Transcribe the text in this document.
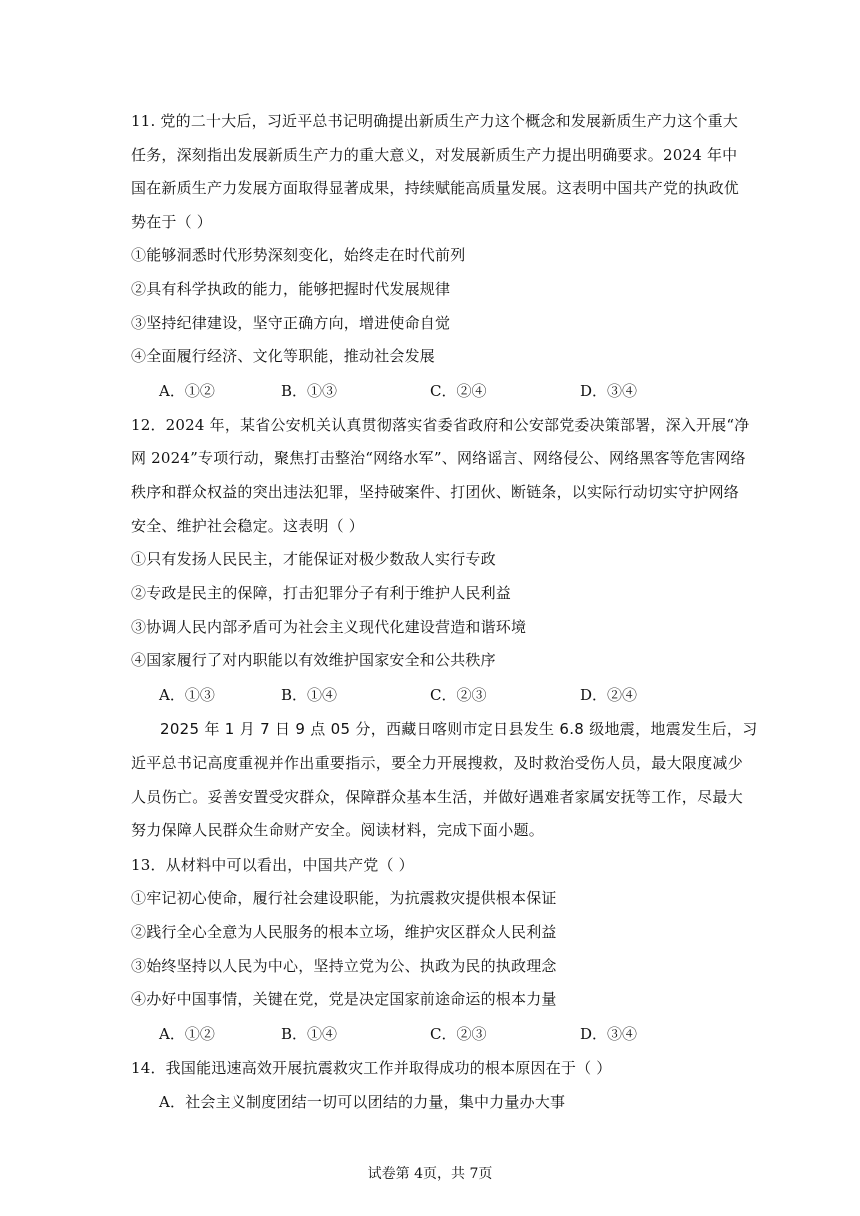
11. 党的二十大后，习近平总书记明确提出新质生产力这个概念和发展新质生产力这个重大
任务，深刻指出发展新质生产力的重大意义，对发展新质生产力提出明确要求。2024 年中
国在新质生产力发展方面取得显著成果，持续赋能高质量发展。这表明中国共产党的执政优
势在于（ ）
①能够洞悉时代形势深刻变化，始终走在时代前列
②具有科学执政的能力，能够把握时代发展规律
③坚持纪律建设，坚守正确方向，增进使命自觉
④全面履行经济、文化等职能，推动社会发展
A．①②	B．①③	C．②④	D．③④
12．2024 年，某省公安机关认真贯彻落实省委省政府和公安部党委决策部署，深入开展“净
网 2024”专项行动，聚焦打击整治“网络水军”、网络谣言、网络侵公、网络黑客等危害网络
秩序和群众权益的突出违法犯罪，坚持破案件、打团伙、断链条，以实际行动切实守护网络
安全、维护社会稳定。这表明（ ）
①只有发扬人民民主，才能保证对极少数敌人实行专政
②专政是民主的保障，打击犯罪分子有利于维护人民利益
③协调人民内部矛盾可为社会主义现代化建设营造和谐环境
④国家履行了对内职能以有效维护国家安全和公共秩序
A．①③	B．①④	C．②③	D．②④
2025 年 1 月 7 日 9 点 05 分，西藏日喀则市定日县发生 6.8 级地震，地震发生后，习
近平总书记高度重视并作出重要指示，要全力开展搜救，及时救治受伤人员，最大限度减少
人员伤亡。妥善安置受灾群众，保障群众基本生活，并做好遇难者家属安抚等工作，尽最大
努力保障人民群众生命财产安全。阅读材料，完成下面小题。
13．从材料中可以看出，中国共产党（ ）
①牢记初心使命，履行社会建设职能，为抗震救灾提供根本保证
②践行全心全意为人民服务的根本立场，维护灾区群众人民利益
③始终坚持以人民为中心，坚持立党为公、执政为民的执政理念
④办好中国事情，关键在党，党是决定国家前途命运的根本力量
A．①②	B．①④	C．②③	D．③④
14．我国能迅速高效开展抗震救灾工作并取得成功的根本原因在于（ ）
A．社会主义制度团结一切可以团结的力量，集中力量办大事
试卷第 4页，共 7页
